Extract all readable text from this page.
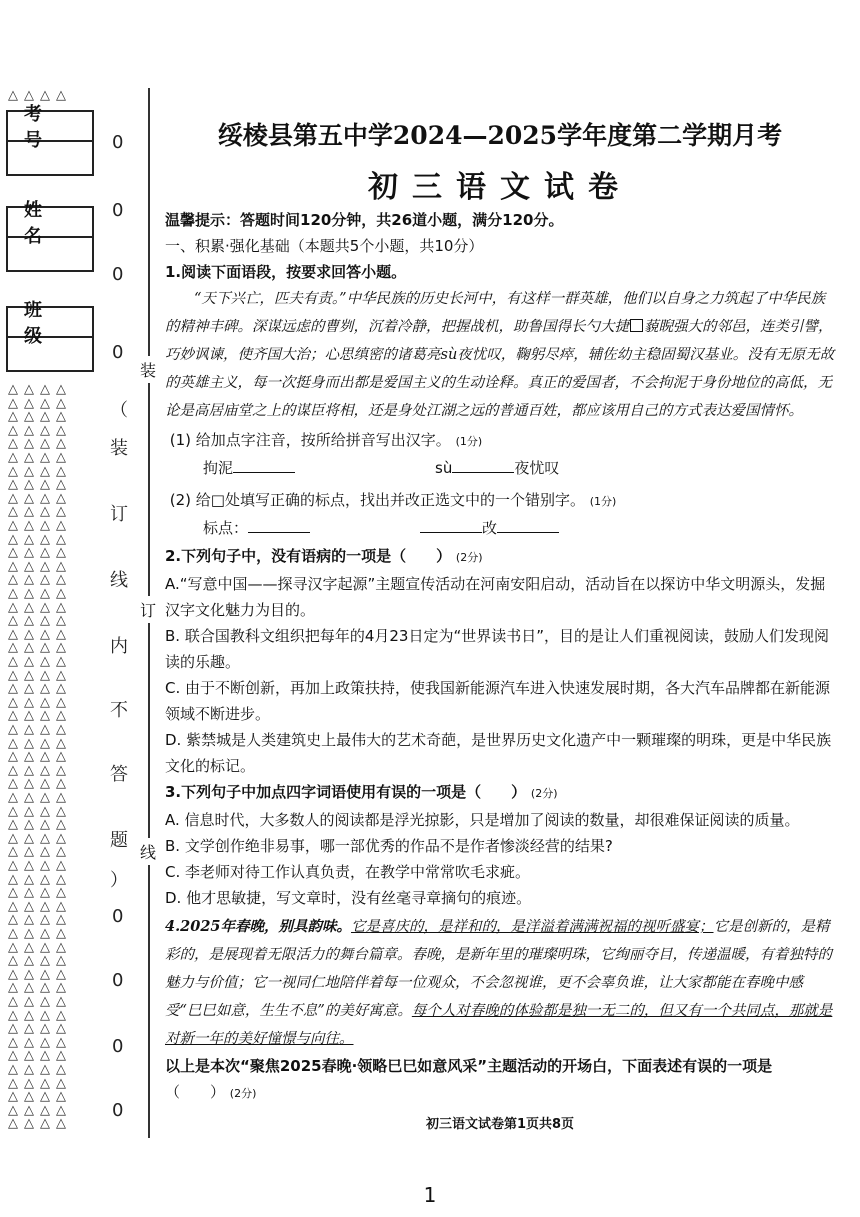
△△△△
考号
姓名
班级
△△△△
△△△△
△△△△
△△△△
△△△△
△△△△
△△△△
△△△△
△△△△
△△△△
△△△△
△△△△
△△△△
△△△△
△△△△
△△△△
△△△△
△△△△
△△△△
△△△△
△△△△
△△△△
△△△△
△△△△
△△△△
△△△△
△△△△
△△△△
△△△△
△△△△
△△△△
△△△△
△△△△
△△△△
△△△△
△△△△
△△△△
△△△△
△△△△
△△△△
△△△△
△△△△
△△△△
△△△△
△△△△
△△△△
△△△△
△△△△
△△△△
△△△△
△△△△
△△△△
△△△△
△△△△
△△△△
0
0
0
0
（
装
订
线
内
不
答
题
）
0
0
0
0
装
订
线
绥棱县第五中学2024—2025学年度第二学期月考
初三语文试卷

温馨提示：答题时间120分钟，共26道小题，满分120分。

一、积累·强化基础（本题共5个小题，共10分）

1.阅读下面语段，按要求回答小题。

“天下兴亡，匹夫有责。”中华民族的历史长河中，有这样一群英雄，他们以自身之力筑起了中华民族的精神丰碑。深谋远虑的曹刿，沉着冷静，把握战机，助鲁国得长勺大捷 藐睨强大的邻邑，连类引譬，巧妙讽谏，使齐国大治；心思缜密的诸葛亮sù夜忧叹，鞠躬尽瘁，辅佐幼主稳固蜀汉基业。没有无原无故的英雄主义，每一次挺身而出都是爱国主义的生动诠释。真正的爱国者，不会拘泥于身份地位的高低，无论是高居庙堂之上的谋臣将相，还是身处江湖之远的普通百姓，都应该用自己的方式表达爱国情怀。

(1) 给加点字注音，按所给拼音写出汉字。 (1分)

拘泥	sù	夜忧叹

(2) 给□处填写正确的标点，找出并改正选文中的一个错别字。 (1分)

标点：	改

2.下列句子中，没有语病的一项是（　　） (2分)

A.“写意中国——探寻汉字起源”主题宣传活动在河南安阳启动，活动旨在以探访中华文明源头，发掘汉字文化魅力为目的。

B. 联合国教科文组织把每年的4月23日定为“世界读书日”，目的是让人们重视阅读，鼓励人们发现阅读的乐趣。

C. 由于不断创新，再加上政策扶持，使我国新能源汽车进入快速发展时期，各大汽车品牌都在新能源领域不断进步。

D. 紫禁城是人类建筑史上最伟大的艺术奇葩，是世界历史文化遗产中一颗璀璨的明珠，更是中华民族文化的标记。

3.下列句子中加点四字词语使用有误的一项是（　　） (2分)

A. 信息时代，大多数人的阅读都是浮光掠影，只是增加了阅读的数量，却很难保证阅读的质量。

B. 文学创作绝非易事，哪一部优秀的作品不是作者惨淡经营的结果?

C. 李老师对待工作认真负责，在教学中常常吹毛求疵。

D. 他才思敏捷，写文章时，没有丝毫寻章摘句的痕迹。

4.2025年春晚，别具韵味。它是喜庆的，是祥和的，是洋溢着满满祝福的视听盛宴；它是创新的，是精彩的，是展现着无限活力的舞台篇章。春晚，是新年里的璀璨明珠，它绚丽夺目，传递温暖，有着独特的魅力与价值；它一视同仁地陪伴着每一位观众，不会忽视谁，更不会辜负谁，让大家都能在春晚中感受“巳巳如意，生生不息”的美好寓意。每个人对春晚的体验都是独一无二的，但又有一个共同点，那就是对新一年的美好憧憬与向往。

以上是本次“聚焦2025春晚·领略巳巳如意风采”主题活动的开场白，下面表述有误的一项是

（　　） (2分)

初三语文试卷第1页共8页
1
